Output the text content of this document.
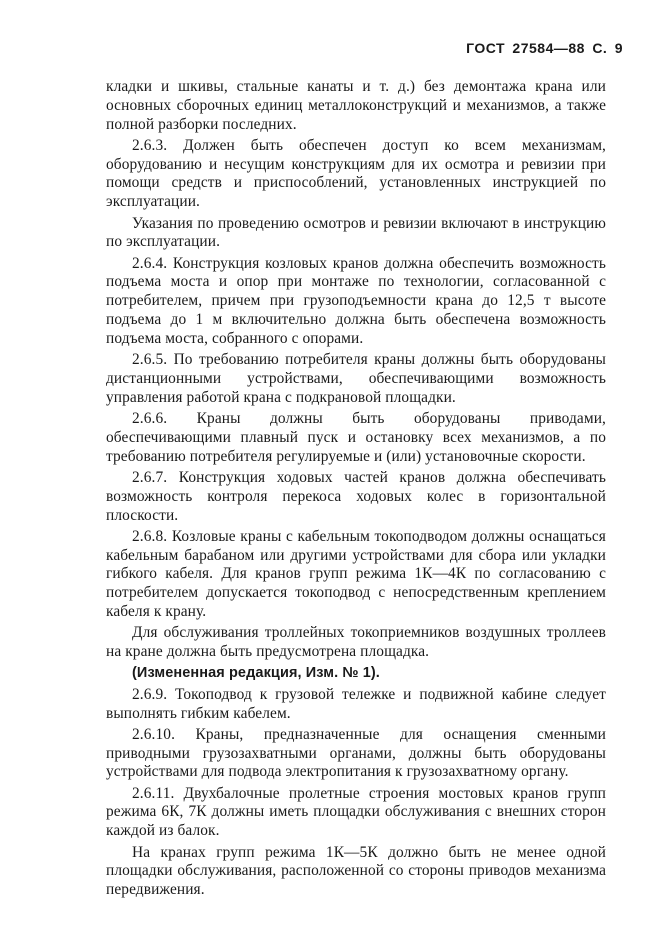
ГОСТ 27584—88 С. 9

кладки и шкивы, стальные канаты и т. д.) без демонтажа крана или основных сборочных единиц металлоконструкций и механизмов, а также полной разборки последних.

2.6.3. Должен быть обеспечен доступ ко всем механизмам, оборудованию и несущим конструкциям для их осмотра и ревизии при помощи средств и приспособлений, установленных инструкцией по эксплуатации.

Указания по проведению осмотров и ревизии включают в инструкцию по эксплуатации.

2.6.4. Конструкция козловых кранов должна обеспечить возможность подъема моста и опор при монтаже по технологии, согласованной с потребителем, причем при грузоподъемности крана до 12,5 т высоте подъема до 1 м включительно должна быть обеспечена возможность подъема моста, собранного с опорами.

2.6.5. По требованию потребителя краны должны быть оборудованы дистанционными устройствами, обеспечивающими возможность управления работой крана с подкрановой площадки.

2.6.6. Краны должны быть оборудованы приводами, обеспечивающими плавный пуск и остановку всех механизмов, а по требованию потребителя регулируемые и (или) установочные скорости.

2.6.7. Конструкция ходовых частей кранов должна обеспечивать возможность контроля перекоса ходовых колес в горизонтальной плоскости.

2.6.8. Козловые краны с кабельным токоподводом должны оснащаться кабельным барабаном или другими устройствами для сбора или укладки гибкого кабеля. Для кранов групп режима 1К—4К по согласованию с потребителем допускается токоподвод с непосредственным креплением кабеля к крану.

Для обслуживания троллейных токоприемников воздушных троллеев на кране должна быть предусмотрена площадка.

(Измененная редакция, Изм. № 1).

2.6.9. Токоподвод к грузовой тележке и подвижной кабине следует выполнять гибким кабелем.

2.6.10. Краны, предназначенные для оснащения сменными приводными грузозахватными органами, должны быть оборудованы устройствами для подвода электропитания к грузозахватному органу.

2.6.11. Двухбалочные пролетные строения мостовых кранов групп режима 6К, 7К должны иметь площадки обслуживания с внешних сторон каждой из балок.

На кранах групп режима 1К—5К должно быть не менее одной площадки обслуживания, расположенной со стороны приводов механизма передвижения.
